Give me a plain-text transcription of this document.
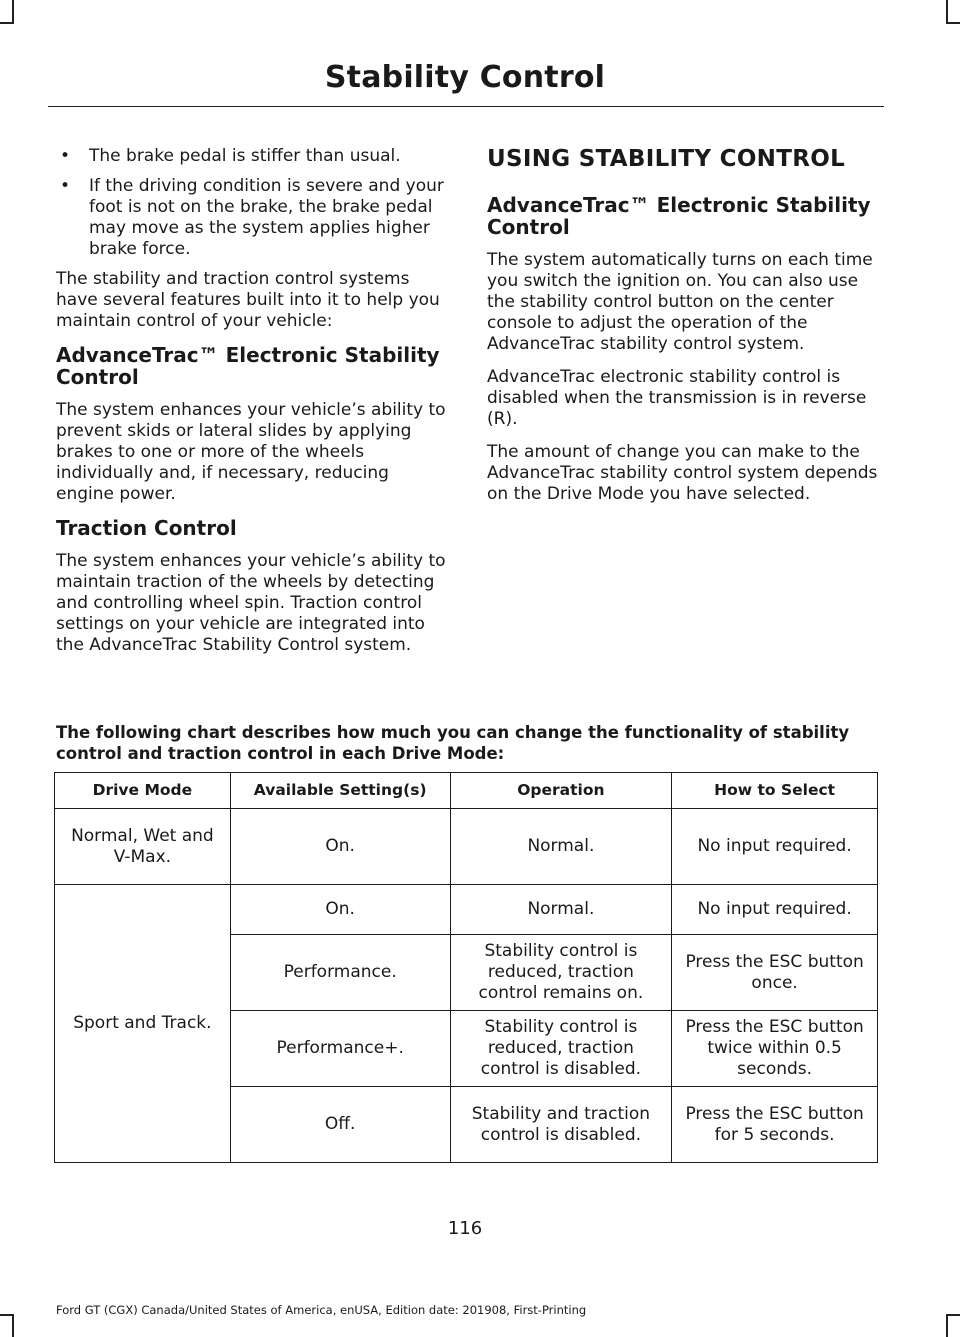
Stability Control
• The brake pedal is stiffer than usual.
• If the driving condition is severe and your foot is not on the brake, the brake pedal may move as the system applies higher brake force.

The stability and traction control systems have several features built into it to help you maintain control of your vehicle:

AdvanceTrac™ Electronic Stability Control

The system enhances your vehicle’s ability to prevent skids or lateral slides by applying brakes to one or more of the wheels individually and, if necessary, reducing engine power.

Traction Control

The system enhances your vehicle’s ability to maintain traction of the wheels by detecting and controlling wheel spin. Traction control settings on your vehicle are integrated into the AdvanceTrac Stability Control system.

USING STABILITY CONTROL
AdvanceTrac™ Electronic Stability Control

The system automatically turns on each time you switch the ignition on. You can also use the stability control button on the center console to adjust the operation of the AdvanceTrac stability control system.

AdvanceTrac electronic stability control is disabled when the transmission is in reverse (R).

The amount of change you can make to the AdvanceTrac stability control system depends on the Drive Mode you have selected.

The following chart describes how much you can change the functionality of stability control and traction control in each Drive Mode:
Drive Mode	Available Setting(s)	Operation	How to Select
Normal, Wet and V-Max.	On.	Normal.	No input required.
Sport and Track.	On.	Normal.	No input required.
	Performance.	Stability control is reduced, traction control remains on.	Press the ESC button once.
	Performance+.	Stability control is reduced, traction control is disabled.	Press the ESC button twice within 0.5 seconds.
	Off.	Stability and traction control is disabled.	Press the ESC button for 5 seconds.
116
Ford GT (CGX) Canada/United States of America, enUSA, Edition date: 201908, First-Printing
